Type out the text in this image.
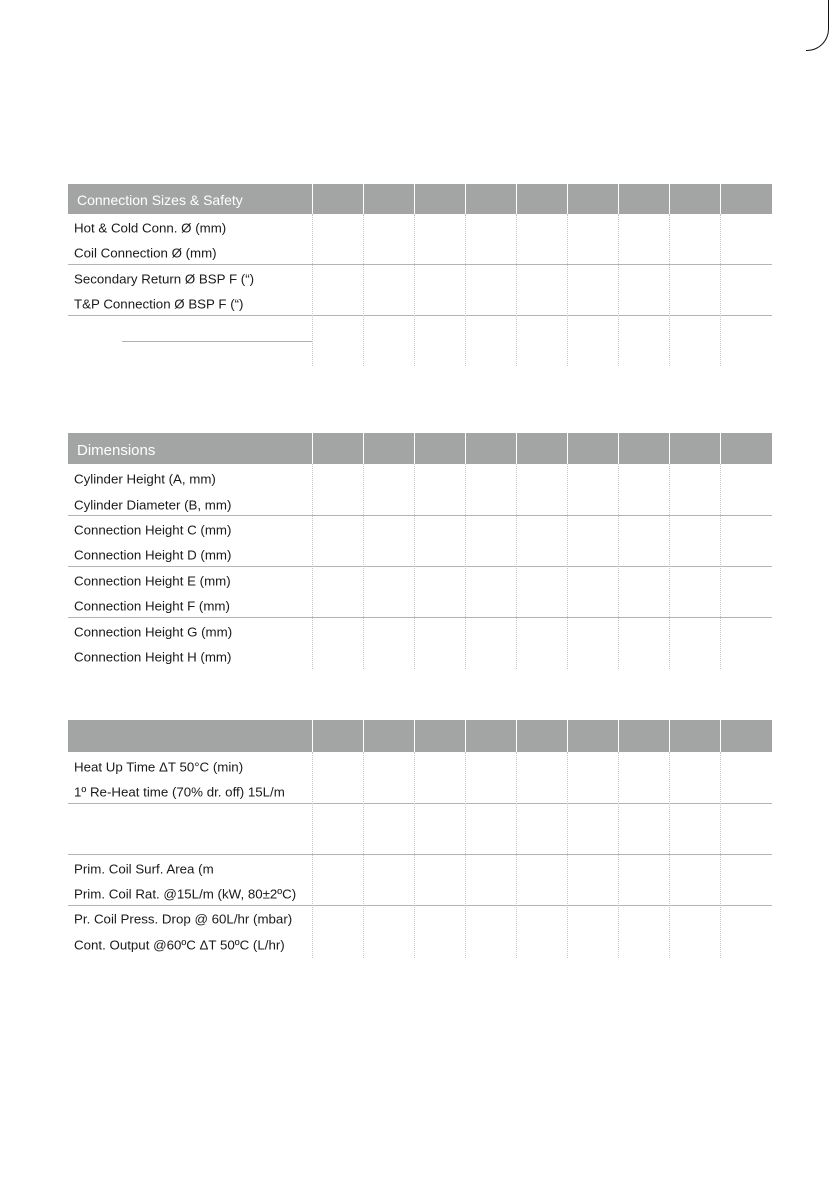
Connection Sizes & Safety
Hot & Cold Conn. Ø (mm)
Coil Connection Ø (mm)
Secondary Return Ø BSP F (“)
T&P Connection Ø BSP F (“)
Dimensions
Cylinder Height (A, mm)
Cylinder Diameter (B, mm)
Connection Height C (mm)
Connection Height D (mm)
Connection Height E (mm)
Connection Height F (mm)
Connection Height G (mm)
Connection Height H (mm)
Heat Up Time ΔT 50°C (min)
1º Re-Heat time (70% dr. off) 15L/m
Prim. Coil Surf. Area (m
Prim. Coil Rat. @15L/m (kW, 80±2ºC)
Pr. Coil Press. Drop @ 60L/hr (mbar)
Cont. Output @60ºC ΔT 50ºC (L/hr)
